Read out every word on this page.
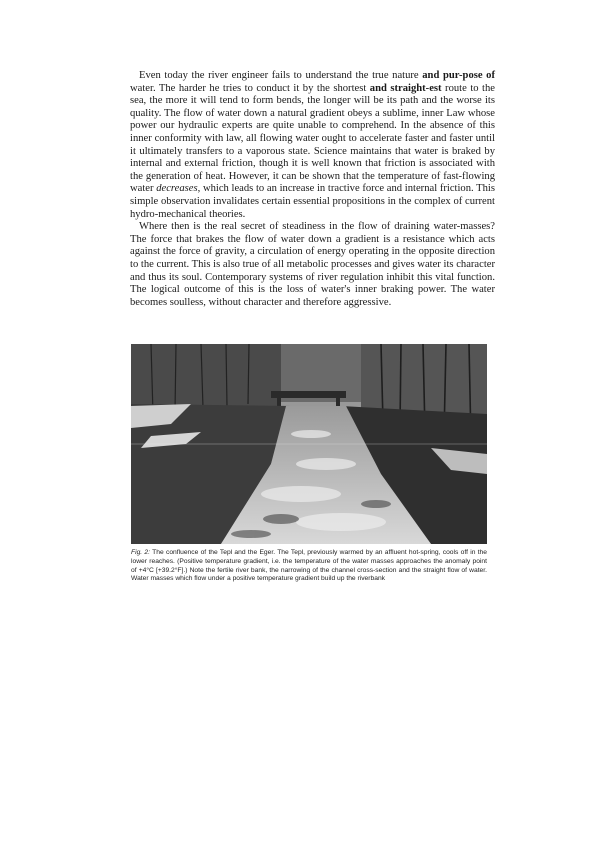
Even today the river engineer fails to understand the true nature and pur-pose of water. The harder he tries to conduct it by the shortest and straight-est route to the sea, the more it will tend to form bends, the longer will be its path and the worse its quality. The flow of water down a natural gradient obeys a sublime, inner Law whose power our hydraulic experts are quite unable to comprehend. In the absence of this inner conformity with law, all flowing water ought to accelerate faster and faster until it ultimately transfers to a vaporous state. Science maintains that water is braked by internal and external friction, though it is well known that friction is associated with the generation of heat. However, it can be shown that the temperature of fast-flowing water decreases, which leads to an increase in tractive force and internal friction. This simple observation invalidates certain essential propositions in the complex of current hydro-mechanical theories.

Where then is the real secret of steadiness in the flow of draining water-masses? The force that brakes the flow of water down a gradient is a resistance which acts against the force of gravity, a circulation of energy operating in the opposite direction to the current. This is also true of all metabolic processes and gives water its character and thus its soul. Contemporary systems of river regulation inhibit this vital function. The logical outcome of this is the loss of water's inner braking power. The water becomes soulless, without character and therefore aggressive.

Fig. 2: The confluence of the Tepl and the Eger. The Tepl, previously warmed by an affluent hot-spring, cools off in the lower reaches. (Positive temperature gradient, i.e. the temperature of the water masses approaches the anomaly point of +4°C [+39.2°F].) Note the fertile river bank, the narrowing of the channel cross-section and the straight flow of water. Water masses which flow under a positive temperature gradient build up the riverbank
